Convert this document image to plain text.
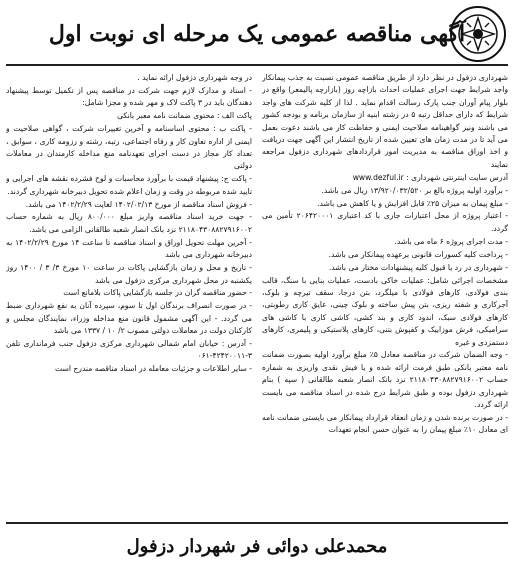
آگهی مناقصه عمومی یک مرحله ای نوبت اول

شهرداری دزفول در نظر دارد از طریق مناقصه عمومی نسبت به جذب پیمانکار واجد شرایط جهت اجرای عملیات احداث بازاچه روز (بازارچه پالیمعر) واقع در بلوار پیام آوران جنب پارک رسالت اقدام نماید . لذا از کلیه شرکت های واجد شرایط که دارای حداقل رتبه ۵ در رشته ابنیه از سازمان برنامه و بودجه کشور می باشند ونیز گواهینامه صلاحیت ایمنی و حفاظت کار می باشند دعوت بعمل می آید تا در مدت زمان های تعیین شده از تاریخ انتشار این آگهی جهت دریافت و اخذ اوراق مناقصه به مدیریت امور قراردادهای شهرداری دزفول مراجعه نمایند

آدرس سایت اینترنتی شهرداری : www.dezful.ir

- برآورد اولیه پروژه بالغ بر ۱۳/۹۲۰/۰۳۲/۵۲۰ ریال می باشد.

- مبلغ پیمان به میزان ۲۵٪ قابل افزایش و یا کاهش می باشد.

- اعتبار پروژه از محل اعتبارات جاری با کد اعتباری ۲۰۶۴۲۰۰۰۱ تأمین می گردد.

- مدت اجرای پروژه ۶ ماه می باشد.

- پرداخت کلیه کسورات قانونی برعهده پیمانکار می باشد.

- شهرداری در رد یا قبول کلیه پیشنهادات مختار می باشد.

مشخصات اجرائی شامل: عملیات خاکی بادست، عملیات بنایی با سنگ، قالب بندی فولادی، کارهای فولادی با میلگرد، بتن درجا، سقف تیرچه و بلوک، آجرکاری و شفته ریزی، بتن پیش ساخته و بلوک چینی، عایق کاری رطوبتی، کارهای فولادی سبک، اندود کاری و بند کشی، کاشی کاری با کاشی های سرامیکی، فرش موزاییک و کفپوش بتنی، کارهای پلاستیکی و پلیمری، کارهای دستمزدی و غیره

- وجه الضمان شرکت در مناقصه معادل ۵٪ مبلغ برآورد اولیه بصورت ضمانت نامه معتبر بانکی طبق فرمت ارائه شده و یا فیش نقدی واریزی به شماره حساب ۲۱۱۸۰۴۳۰۸۸۲۷۹۱۶۰۰۲ نزد بانک انصار شعبه طالقانی ( سپه ) بنام شهرداری دزفول بوده و طبق شرایط درج شده در اسناد مناقصه می بایست ارائه گردد.

- در صورت برنده شدن و زمان انعقاد قرارداد پیمانکار می بایستی ضمانت نامه ای معادل ۱۰٪ مبلغ پیمان را به عنوان حسن انجام تعهدات

در وجه شهرداری دزفول ارائه نماید .

- اسناد و مدارک لازم جهت شرکت در مناقصه پس از تکمیل توسط پیشنهاد دهندگان باید در ۳ پاکت لاک و مهر شده و مجزا شامل:

پاکت الف : محتوی ضمانت نامه معبر بانکی

- پاکت ب : محتوی اساسنامه و آخرین تغییرات شرکت ، گواهی صلاحیت و ایمنی از اداره تعاون کار و رفاه اجتماعی، رتبه، رشته و رزومه کاری ، سوابق ، تعداد کار مجاز در دست اجرای تعهدنامه منع مداخله کارمندان در معاملات دولتی

- پاکت ج: پیشنهاد قیمت با برآورد محاسبات و لوح فشرده نقشه های اجرایی و تایید شده مربوطه در وقت و زمان اعلام شده تحویل دبیرخانه شهرداری گردند.

- فروش اسناد مناقصه از مورخ ۱۴۰۲/۰۲/۱۳ لغایت ۱۴۰۲/۲/۲۹ می باشد.

- جهت خرید اسناد مناقصه واریز مبلغ ۸۰۰/۰۰۰ ریال به شماره حساب ۲۱۱۸۰۴۳۰۸۸۲۷۹۱۶۰۰۲ نزد بانک انصار شعبه طالقانی الزامی می باشد.

- آخرین مهلت تحویل اوراق و اسناد مناقصه تا ساعت ۱۴ مورخ ۱۴۰۲/۲/۲۹ به دبیرخانه شهرداری می باشد

- تاریخ و محل و زمان بازگشایی پاکات در ساعت ۱۰ مورخ ۳/ ۳ / ۱۴۰۰ روز یکشنبه در محل شهرداری مرکزی دزفول می باشد

- حضور مناقصه گران در جلسه بازگشایی پاکات بلامانع است

- در صورت انصراف برندگان اول تا سوم، سپرده آنان به نفع شهرداری ضبط می گردد. - این آگهی مشمول قانون منع مداخله وزراء، نمایندگان مجلس و کارکنان دولت در معاملات دولتی مصوب ۲/ ۱۰ / ۱۳۳۷ می باشد

- آدرس : خیابان امام شمالی شهرداری مرکزی دزفول جنب فرمانداری تلفن ۳-۴۲۴۲۰۰۱۱-۰۶۱

- سایر اطلاعات و جزئیات معامله در اسناد مناقصه مندرج است

محمدعلی دوائی فر شهردار دزفول
